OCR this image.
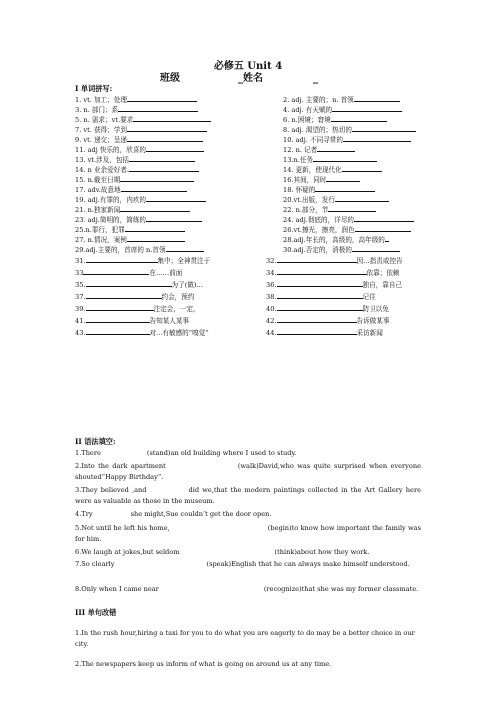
必修五 Unit 4
班级	_姓名	_
I 单词拼写:
1. vt. 加工；处理	2. adj. 主要的；n. 首领
3. n. 部门；系	4. adj. 有天赋的
5. n. 需求；vt.要求	6. n.困境；窘境
7. vt. 获得；学到	8. adj. 渴望的；热切的
9. vt. 递交；呈递	10. adj. 不同寻常的
11. adj 快乐的，欣喜的	12. n. 记者
13. vt.涉及，包括	13.n.任务
14. n 业余爱好者.	14. 更新，使现代化
15. n.截至日期	16.其间，同时
17. adv.故意地	18. 怀疑的
19. adj.有罪的，内疚的	20.vt.出版，发行
21. n.独家新闻	22. n.部分，节
23. adj.简明的，简练的	24. adj.彻底的，详尽的
25.n.罪行，犯罪	26.vt.擦光，擦亮，润色
27. n.情况，案例	28.adj.年长的，高级的，高年级的
29.adj.主要的，首席的 n.首领	30.adj.否定的，消极的
31.	集中；全神贯注于	32.	因…指责或控告
33	在……前面	34.	依靠；依赖
35.	为了(做)…	36.	独自，靠自己
37.	约会，预约	38.	记住
39.	注定会，一定，	40.	防卫以免
41.	告知某人某事	42.	告诉做某事
43.	对...有敏感的“嗅觉”	44.	采访新闻
II 语法填空:
1.There	(stand)an old building where I used to study.
2.Into the dark apartment	(walk)David,who was quite surprised when everyone shouted“Happy Birthday”.
3.They believed ,and	did we,that the modern paintings collected in the Art Gallery here were as valuable as those in the museum.
4.Try	she might,Sue couldn’t get the door open.
5.Not until he left his home,	(begin)to know how important the family was for him.
6.We laugh at jokes,but seldom	(think)about how they work.
7.So clearly	(speak)English that he can always make himself understood.
8.Only when I came near	(recognize)that she was my former classmate.
III 单句改错
1.In the rush hour,hiring a taxi for you to do what you are eagerly to do may be a better choice in our city.
2.The newspapers keep us inform of what is going on around us at any time.
